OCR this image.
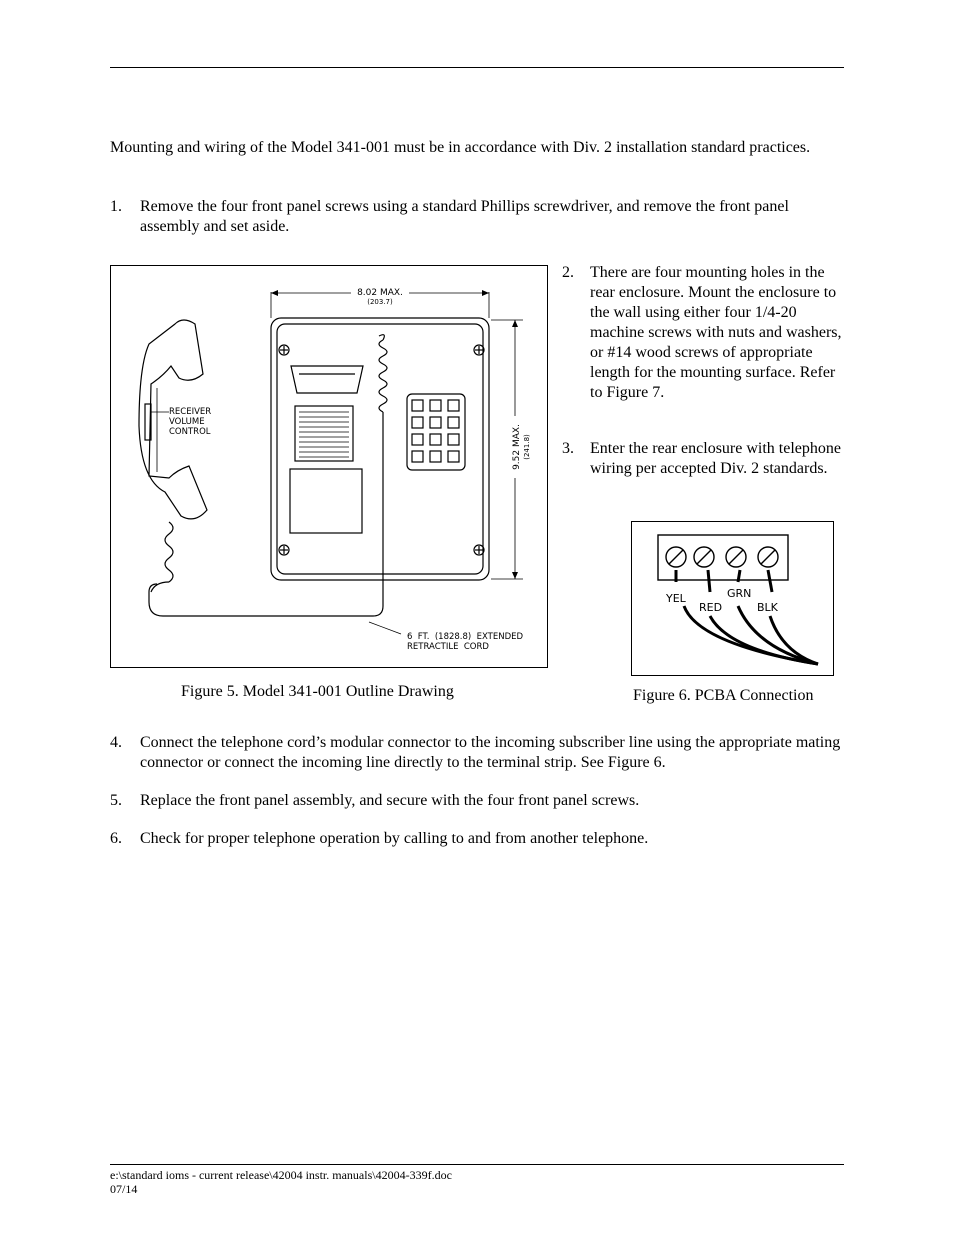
Mounting and wiring of the Model 341-001 must be in accordance with Div. 2 installation standard practices.

1. Remove the four front panel screws using a standard Phillips screwdriver, and remove the front panel assembly and set aside.
8.02 MAX.
(203.7)
9.52 MAX. (241.8)
RECEIVER
VOLUME
CONTROL
6  FT.  (1828.8)  EXTENDED
RETRACTILE  CORD
2. There are four mounting holes in the rear enclosure. Mount the enclosure to the wall using either four 1/4-20 machine screws with nuts and washers, or #14 wood screws of appropriate length for the mounting surface. Refer to Figure 7.
3. Enter the rear enclosure with telephone wiring per accepted Div. 2 standards.
YEL
RED
GRN
BLK
Figure 5. Model 341-001 Outline Drawing	Figure 6. PCBA Connection
4. Connect the telephone cord’s modular connector to the incoming subscriber line using the appropriate mating connector or connect the incoming line directly to the terminal strip. See Figure 6.
5. Replace the front panel assembly, and secure with the four front panel screws.
6. Check for proper telephone operation by calling to and from another telephone.
e:\standard ioms - current release\42004 instr. manuals\42004-339f.doc
07/14
